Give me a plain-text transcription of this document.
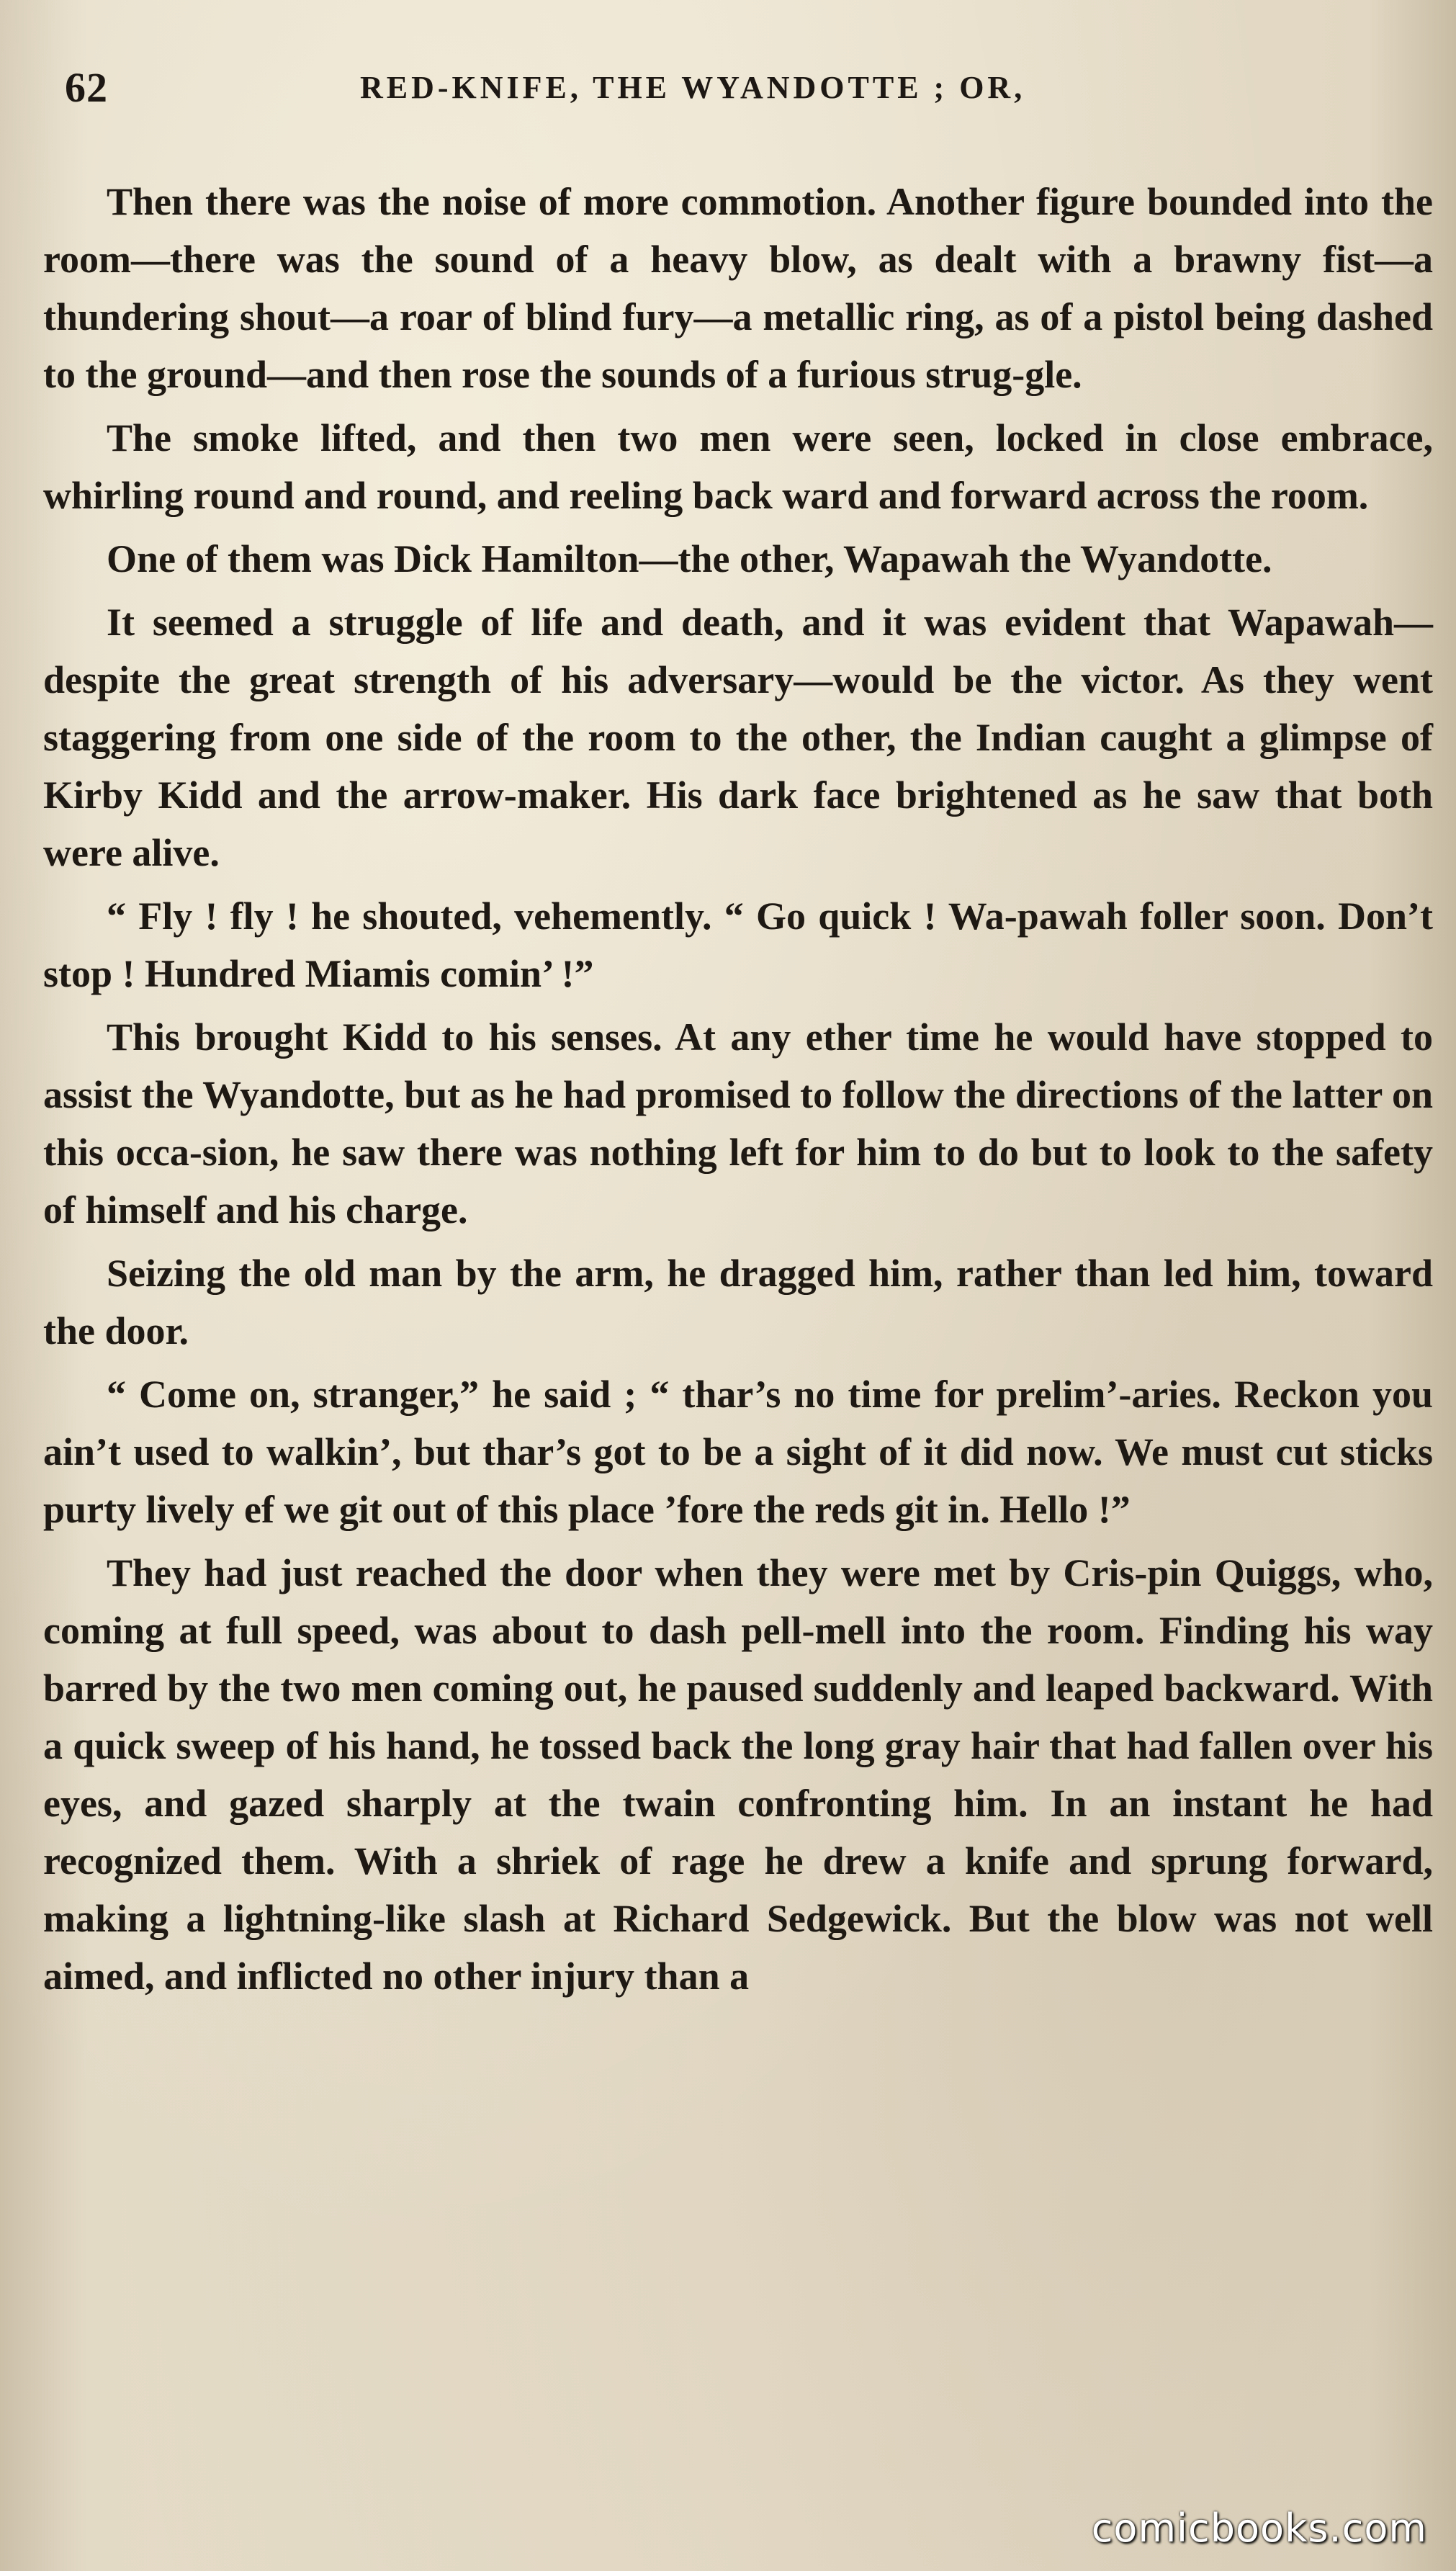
62	RED-KNIFE, THE WYANDOTTE ; OR,

Then there was the noise of more commotion. Another figure bounded into the room—there was the sound of a heavy blow, as dealt with a brawny fist—a thundering shout—a roar of blind fury—a metallic ring, as of a pistol being dashed to the ground—and then rose the sounds of a furious strug-gle.

The smoke lifted, and then two men were seen, locked in close embrace, whirling round and round, and reeling back ward and forward across the room.

One of them was Dick Hamilton—the other, Wapawah the Wyandotte.

It seemed a struggle of life and death, and it was evident that Wapawah—despite the great strength of his adversary—would be the victor. As they went staggering from one side of the room to the other, the Indian caught a glimpse of Kirby Kidd and the arrow-maker. His dark face brightened as he saw that both were alive.

“ Fly ! fly ! he shouted, vehemently. “ Go quick ! Wa-pawah foller soon. Don’t stop ! Hundred Miamis comin’ !”

This brought Kidd to his senses. At any ether time he would have stopped to assist the Wyandotte, but as he had promised to follow the directions of the latter on this occa-sion, he saw there was nothing left for him to do but to look to the safety of himself and his charge.

Seizing the old man by the arm, he dragged him, rather than led him, toward the door.

“ Come on, stranger,” he said ; “ thar’s no time for prelim’-aries. Reckon you ain’t used to walkin’, but thar’s got to be a sight of it did now. We must cut sticks purty lively ef we git out of this place ’fore the reds git in. Hello !”

They had just reached the door when they were met by Cris-pin Quiggs, who, coming at full speed, was about to dash pell-mell into the room. Finding his way barred by the two men coming out, he paused suddenly and leaped backward. With a quick sweep of his hand, he tossed back the long gray hair that had fallen over his eyes, and gazed sharply at the twain confronting him. In an instant he had recognized them. With a shriek of rage he drew a knife and sprung forward, making a lightning-like slash at Richard Sedgewick. But the blow was not well aimed, and inflicted no other injury than a

comicbooks.com
